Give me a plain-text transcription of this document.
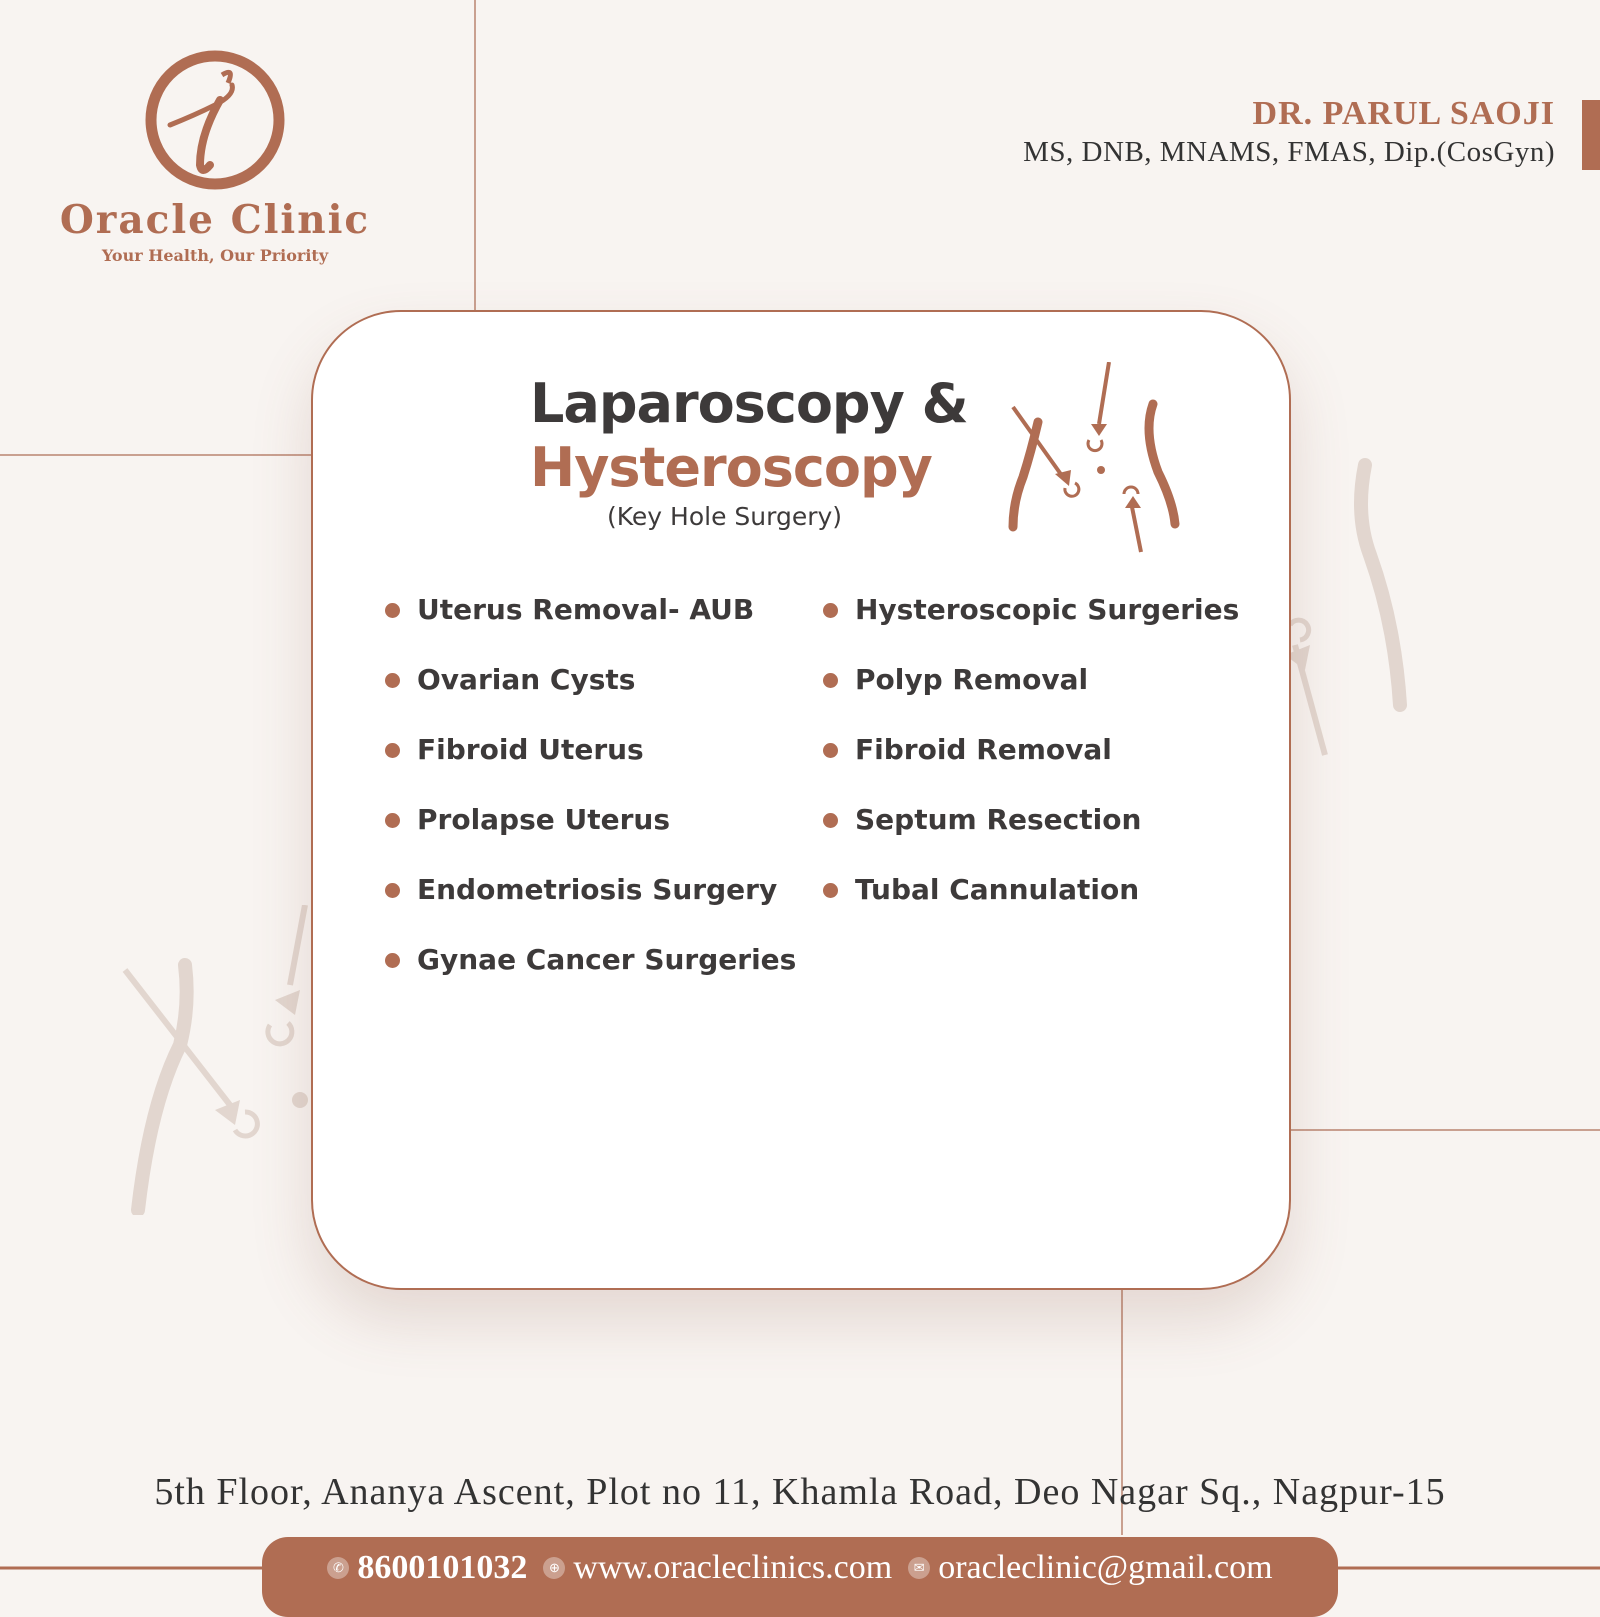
Oracle Clinic
Your Health, Our Priority
DR. PARUL SAOJI
MS, DNB, MNAMS, FMAS, Dip.(CosGyn)
Laparoscopy &
Hysteroscopy
(Key Hole Surgery)
Uterus Removal- AUB
Ovarian Cysts
Fibroid Uterus
Prolapse Uterus
Endometriosis Surgery
Gynae Cancer Surgeries
Hysteroscopic Surgeries
Polyp Removal
Fibroid Removal
Septum Resection
Tubal Cannulation
5th Floor, Ananya Ascent, Plot no 11, Khamla Road, Deo Nagar Sq., Nagpur-15
✆ 8600101032	⊕ www.oracleclinics.com	✉ oracleclinic@gmail.com
